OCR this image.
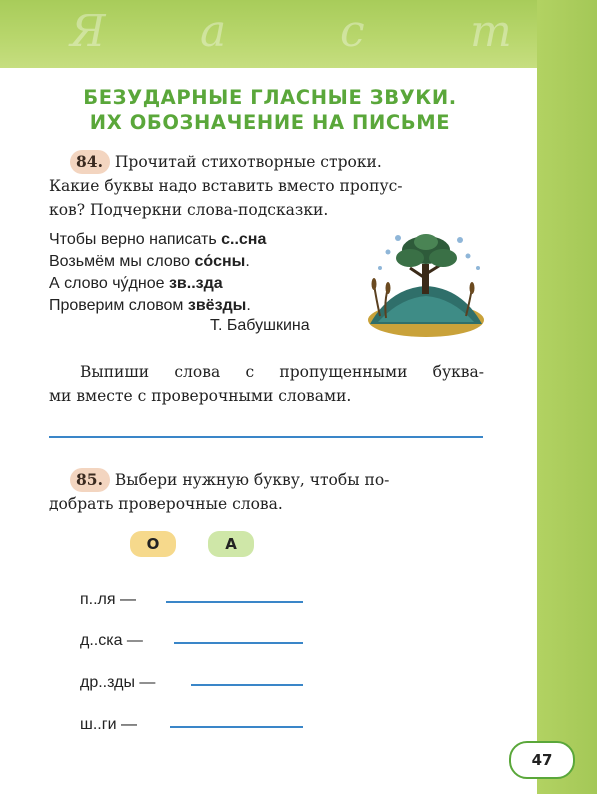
Я а	с т
БЕЗУДАРНЫЕ ГЛАСНЫЕ ЗВУКИ.
ИХ ОБОЗНАЧЕНИЕ НА ПИСЬМЕ

84. Прочитай стихотворные строки.

Какие буквы надо вставить вместо пропус-

ков? Подчеркни слова-подсказки.

Чтобы верно написать с..сна
Возьмём мы слово со́сны.
А слово чу́дное зв..зда
Проверим словом звёзды.
Т. Бабушкина

Выпиши слова с пропущенными буква-

ми вместе с проверочными словами.

85. Выбери нужную букву, чтобы по-

добрать проверочные слова.

О	А
п..ля —
д..ска —
др..зды —
ш..ги —
47
